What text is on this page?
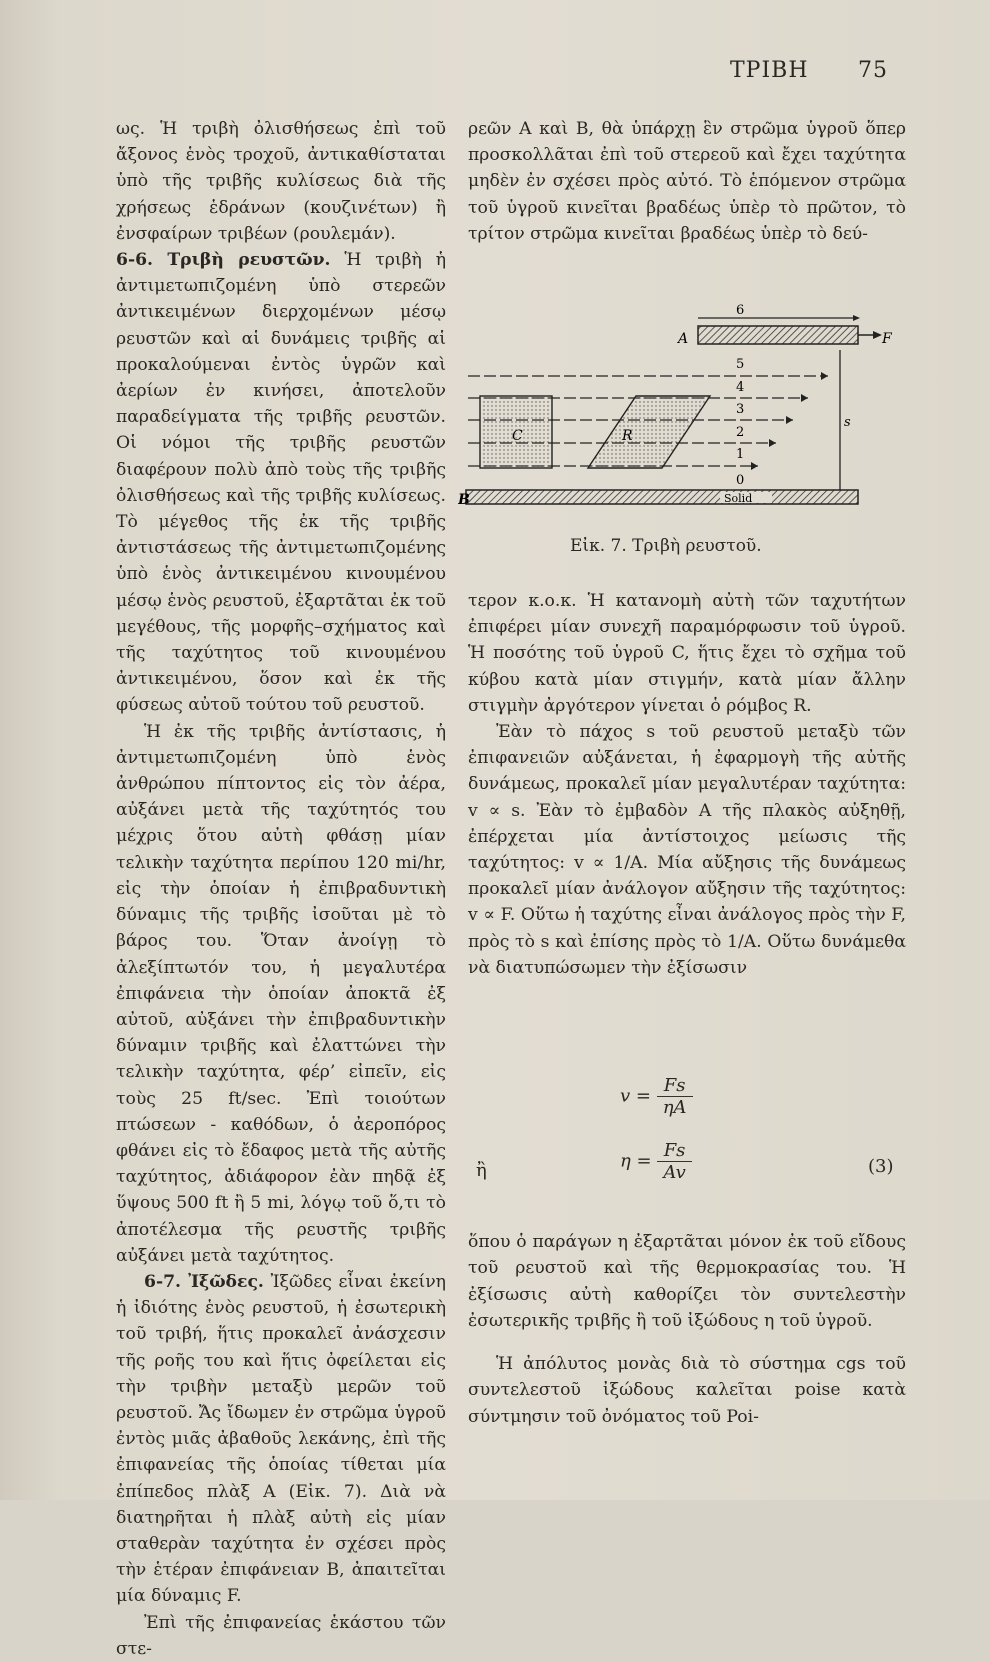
ΤΡΙΒΗ 75

ως. Ἡ τριβὴ ὀλισθήσεως ἐπὶ τοῦ ἄξονος ἑνὸς τροχοῦ, ἀντικαθίσταται ὑπὸ τῆς τριβῆς κυλίσεως διὰ τῆς χρήσεως ἑδράνων (κουζινέτων) ἢ ἐνσφαίρων τριβέων (ρουλεμάν).

6-6. Τριβὴ ρευστῶν. Ἡ τριβὴ ἡ ἀντιμετωπιζομένη ὑπὸ στερεῶν ἀντικειμένων διερχομένων μέσῳ ρευστῶν καὶ αἱ δυνάμεις τριβῆς αἱ προκαλούμεναι ἐντὸς ὑγρῶν καὶ ἀερίων ἐν κινήσει, ἀποτελοῦν παραδείγματα τῆς τριβῆς ρευστῶν. Οἱ νόμοι τῆς τριβῆς ρευστῶν διαφέρουν πολὺ ἀπὸ τοὺς τῆς τριβῆς ὀλισθήσεως καὶ τῆς τριβῆς κυλίσεως. Τὸ μέγεθος τῆς ἐκ τῆς τριβῆς ἀντιστάσεως τῆς ἀντιμετωπιζομένης ὑπὸ ἑνὸς ἀντικειμένου κινουμένου μέσῳ ἑνὸς ρευστοῦ, ἐξαρτᾶται ἐκ τοῦ μεγέθους, τῆς μορφῆς–σχήματος καὶ τῆς ταχύτητος τοῦ κινουμένου ἀντικειμένου, ὅσον καὶ ἐκ τῆς φύσεως αὐτοῦ τούτου τοῦ ρευστοῦ.

Ἡ ἐκ τῆς τριβῆς ἀντίστασις, ἡ ἀντιμετωπιζομένη ὑπὸ ἑνὸς ἀνθρώπου πίπτοντος εἰς τὸν ἀέρα, αὐξάνει μετὰ τῆς ταχύτητός του μέχρις ὅτου αὐτὴ φθάσῃ μίαν τελικὴν ταχύτητα περίπου 120 mi/hr, εἰς τὴν ὁποίαν ἡ ἐπιβραδυντικὴ δύναμις τῆς τριβῆς ἰσοῦται μὲ τὸ βάρος του. Ὅταν ἀνοίγῃ τὸ ἀλεξίπτωτόν του, ἡ μεγαλυτέρα ἐπιφάνεια τὴν ὁποίαν ἀποκτᾶ ἐξ αὐτοῦ, αὐξάνει τὴν ἐπιβραδυντικὴν δύναμιν τριβῆς καὶ ἐλαττώνει τὴν τελικὴν ταχύτητα, φέρ’ εἰπεῖν, εἰς τοὺς 25 ft/sec. Ἐπὶ τοιούτων πτώσεων - καθόδων, ὁ ἀεροπόρος φθάνει εἰς τὸ ἔδαφος μετὰ τῆς αὐτῆς ταχύτητος, ἀδιάφορον ἐὰν πηδᾷ ἐξ ὕψους 500 ft ἢ 5 mi, λόγῳ τοῦ ὅ,τι τὸ ἀποτέλεσμα τῆς ρευστῆς τριβῆς αὐξάνει μετὰ ταχύτητος.

6-7. Ἰξῶδες. Ἰξῶδες εἶναι ἐκείνη ἡ ἰδιότης ἑνὸς ρευστοῦ, ἡ ἐσωτερικὴ τοῦ τριβή, ἥτις προκαλεῖ ἀνάσχεσιν τῆς ροῆς του καὶ ἥτις ὀφείλεται εἰς τὴν τριβὴν μεταξὺ μερῶν τοῦ ρευστοῦ. Ἄς ἴδωμεν ἐν στρῶμα ὑγροῦ ἐντὸς μιᾶς ἀβαθοῦς λεκάνης, ἐπὶ τῆς ἐπιφανείας τῆς ὁποίας τίθεται μία ἐπίπεδος πλὰξ A (Εἰκ. 7). Διὰ νὰ διατηρῆται ἡ πλὰξ αὐτὴ εἰς μίαν σταθερὰν ταχύτητα ἐν σχέσει πρὸς τὴν ἑτέραν ἐπιφάνειαν B, ἀπαιτεῖται μία δύναμις F.

Ἐπὶ τῆς ἐπιφανείας ἑκάστου τῶν στε-

ρεῶν A καὶ B, θὰ ὑπάρχῃ ἓν στρῶμα ὑγροῦ ὅπερ προσκολλᾶται ἐπὶ τοῦ στερεοῦ καὶ ἔχει ταχύτητα μηδὲν ἐν σχέσει πρὸς αὐτό. Τὸ ἑπόμενον στρῶμα τοῦ ὑγροῦ κινεῖται βραδέως ὑπὲρ τὸ πρῶτον, τὸ τρίτον στρῶμα κινεῖται βραδέως ὑπὲρ τὸ δεύ-

A	F
6
5
4
3
2
1
0
C	R
s
B	Solid
Εἰκ. 7. Τριβὴ ρευστοῦ.

τερον κ.ο.κ. Ἡ κατανομὴ αὐτὴ τῶν ταχυτήτων ἐπιφέρει μίαν συνεχῆ παραμόρφωσιν τοῦ ὑγροῦ. Ἡ ποσότης τοῦ ὑγροῦ C, ἥτις ἔχει τὸ σχῆμα τοῦ κύβου κατὰ μίαν στιγμήν, κατὰ μίαν ἄλλην στιγμὴν ἀργότερον γίνεται ὁ ρόμβος R.

Ἐὰν τὸ πάχος s τοῦ ρευστοῦ μεταξὺ τῶν ἐπιφανειῶν αὐξάνεται, ἡ ἐφαρμογὴ τῆς αὐτῆς δυνάμεως, προκαλεῖ μίαν μεγαλυτέραν ταχύτητα: v ∝ s. Ἐὰν τὸ ἐμβαδὸν A τῆς πλακὸς αὐξηθῇ, ἐπέρχεται μία ἀντίστοιχος μείωσις τῆς ταχύτητος: v ∝ 1/A. Μία αὔξησις τῆς δυνάμεως προκαλεῖ μίαν ἀνάλογον αὔξησιν τῆς ταχύτητος: v ∝ F. Οὕτω ἡ ταχύτης εἶναι ἀνάλογος πρὸς τὴν F, πρὸς τὸ s καὶ ἐπίσης πρὸς τὸ 1/A. Οὕτω δυνάμεθα νὰ διατυπώσωμεν τὴν ἐξίσωσιν

$v = \frac{Fs}{\eta A}$
ἢ	$\eta = \frac{Fs}{Av}$	(3)

ὅπου ὁ παράγων η ἐξαρτᾶται μόνον ἐκ τοῦ εἴδους τοῦ ρευστοῦ καὶ τῆς θερμοκρασίας του. Ἡ ἐξίσωσις αὐτὴ καθορίζει τὸν συντελεστὴν ἐσωτερικῆς τριβῆς ἢ τοῦ ἰξώδους η τοῦ ὑγροῦ.

Ἡ ἀπόλυτος μονὰς διὰ τὸ σύστημα cgs τοῦ συντελεστοῦ ἰξώδους καλεῖται poise κατὰ σύντμησιν τοῦ ὀνόματος τοῦ Poi-
